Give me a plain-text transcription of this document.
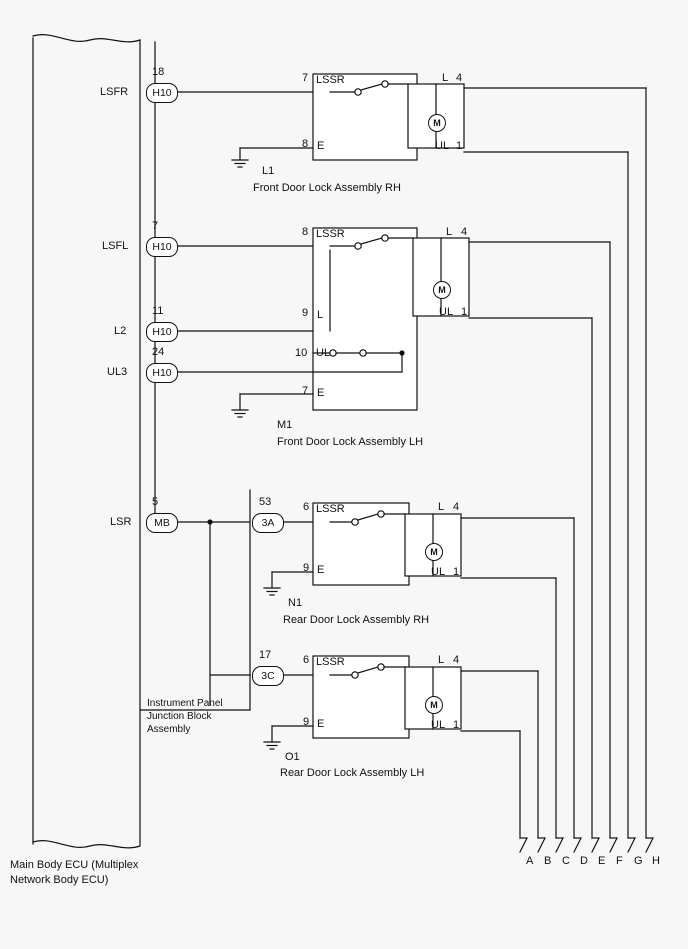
LSFR
18
H10
LSFL
7
H10
L2
11
H10
UL3
24
H10
LSR
5
MB
53
3A
17
3C
Instrument Panel
Junction Block
Assembly
7 LSSR
8 E
L 4
UL 1
M
L1
Front Door Lock Assembly RH
8 LSSR
9 L
10 UL
7 E
L 4
UL 1
M
M1
Front Door Lock Assembly LH
6 LSSR
9 E
L 4
UL 1
M
N1
Rear Door Lock Assembly RH
6 LSSR
9 E
L 4
UL 1
M
O1
Rear Door Lock Assembly LH
Main Body ECU (Multiplex
Network Body ECU)
A B C D E F G H
